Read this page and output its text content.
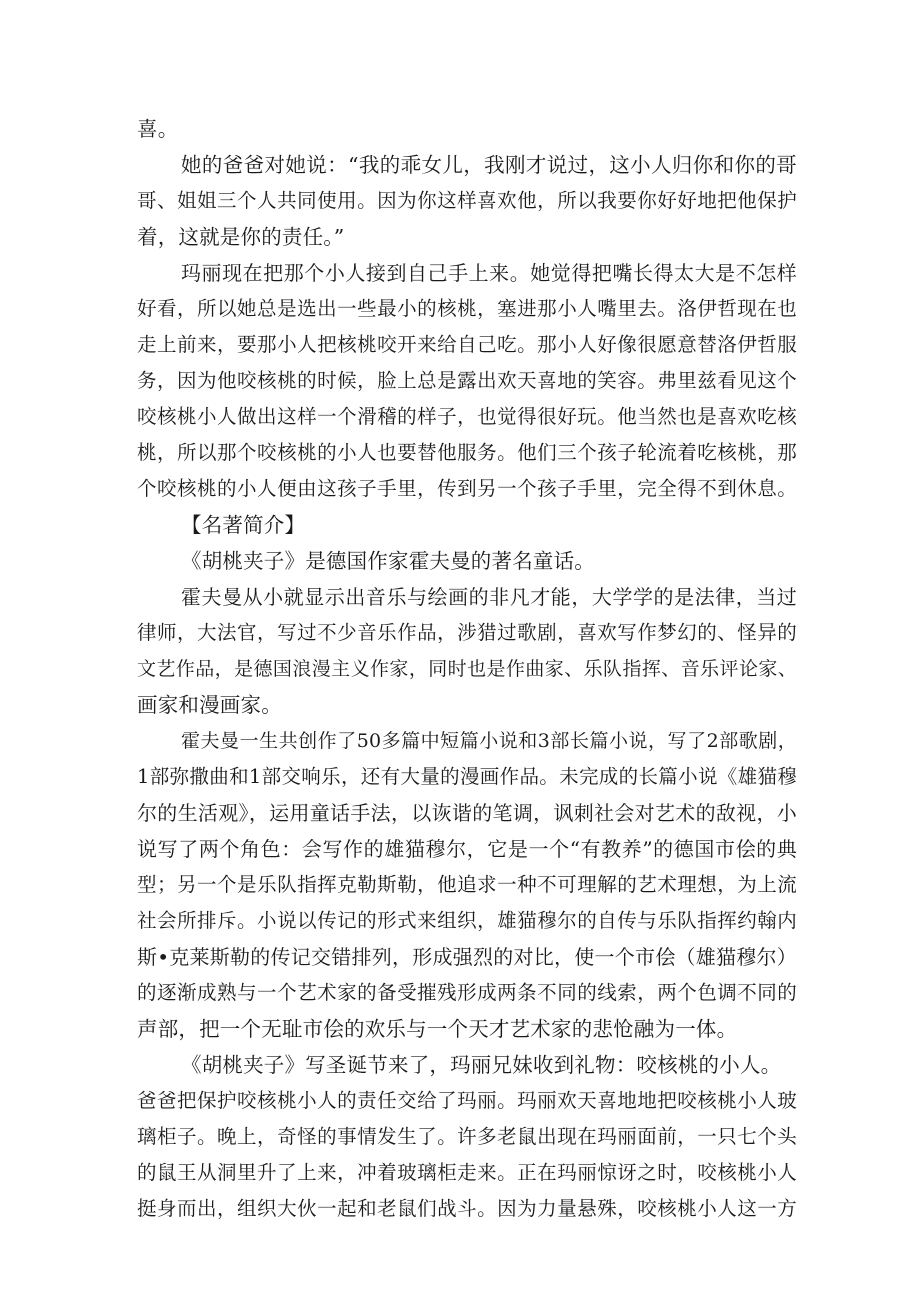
喜。
她的爸爸对她说：“我的乖女儿，我刚才说过，这小人归你和你的哥
哥、姐姐三个人共同使用。因为你这样喜欢他，所以我要你好好地把他保护
着，这就是你的责任。”
玛丽现在把那个小人接到自己手上来。她觉得把嘴长得太大是不怎样
好看，所以她总是选出一些最小的核桃，塞进那小人嘴里去。洛伊哲现在也
走上前来，要那小人把核桃咬开来给自己吃。那小人好像很愿意替洛伊哲服
务，因为他咬核桃的时候，脸上总是露出欢天喜地的笑容。弗里兹看见这个
咬核桃小人做出这样一个滑稽的样子，也觉得很好玩。他当然也是喜欢吃核
桃，所以那个咬核桃的小人也要替他服务。他们三个孩子轮流着吃核桃，那
个咬核桃的小人便由这孩子手里，传到另一个孩子手里，完全得不到休息。
【名著简介】
《胡桃夹子》是德国作家霍夫曼的著名童话。
霍夫曼从小就显示出音乐与绘画的非凡才能，大学学的是法律，当过
律师，大法官，写过不少音乐作品，涉猎过歌剧，喜欢写作梦幻的、怪异的
文艺作品，是德国浪漫主义作家，同时也是作曲家、乐队指挥、音乐评论家、
画家和漫画家。
霍夫曼一生共创作了50多篇中短篇小说和3部长篇小说，写了2部歌剧，
1部弥撒曲和1部交响乐，还有大量的漫画作品。未完成的长篇小说《雄猫穆
尔的生活观》，运用童话手法，以诙谐的笔调，讽刺社会对艺术的敌视，小
说写了两个角色：会写作的雄猫穆尔，它是一个“有教养”的德国市侩的典
型；另一个是乐队指挥克勒斯勒，他追求一种不可理解的艺术理想，为上流
社会所排斥。小说以传记的形式来组织，雄猫穆尔的自传与乐队指挥约翰内
斯•克莱斯勒的传记交错排列，形成强烈的对比，使一个市侩（雄猫穆尔）
的逐渐成熟与一个艺术家的备受摧残形成两条不同的线索，两个色调不同的
声部，把一个无耻市侩的欢乐与一个天才艺术家的悲怆融为一体。
《胡桃夹子》写圣诞节来了，玛丽兄妹收到礼物：咬核桃的小人。
爸爸把保护咬核桃小人的责任交给了玛丽。玛丽欢天喜地地把咬核桃小人玻
璃柜子。晚上，奇怪的事情发生了。许多老鼠出现在玛丽面前，一只七个头
的鼠王从洞里升了上来，冲着玻璃柜走来。正在玛丽惊讶之时，咬核桃小人
挺身而出，组织大伙一起和老鼠们战斗。因为力量悬殊，咬核桃小人这一方
